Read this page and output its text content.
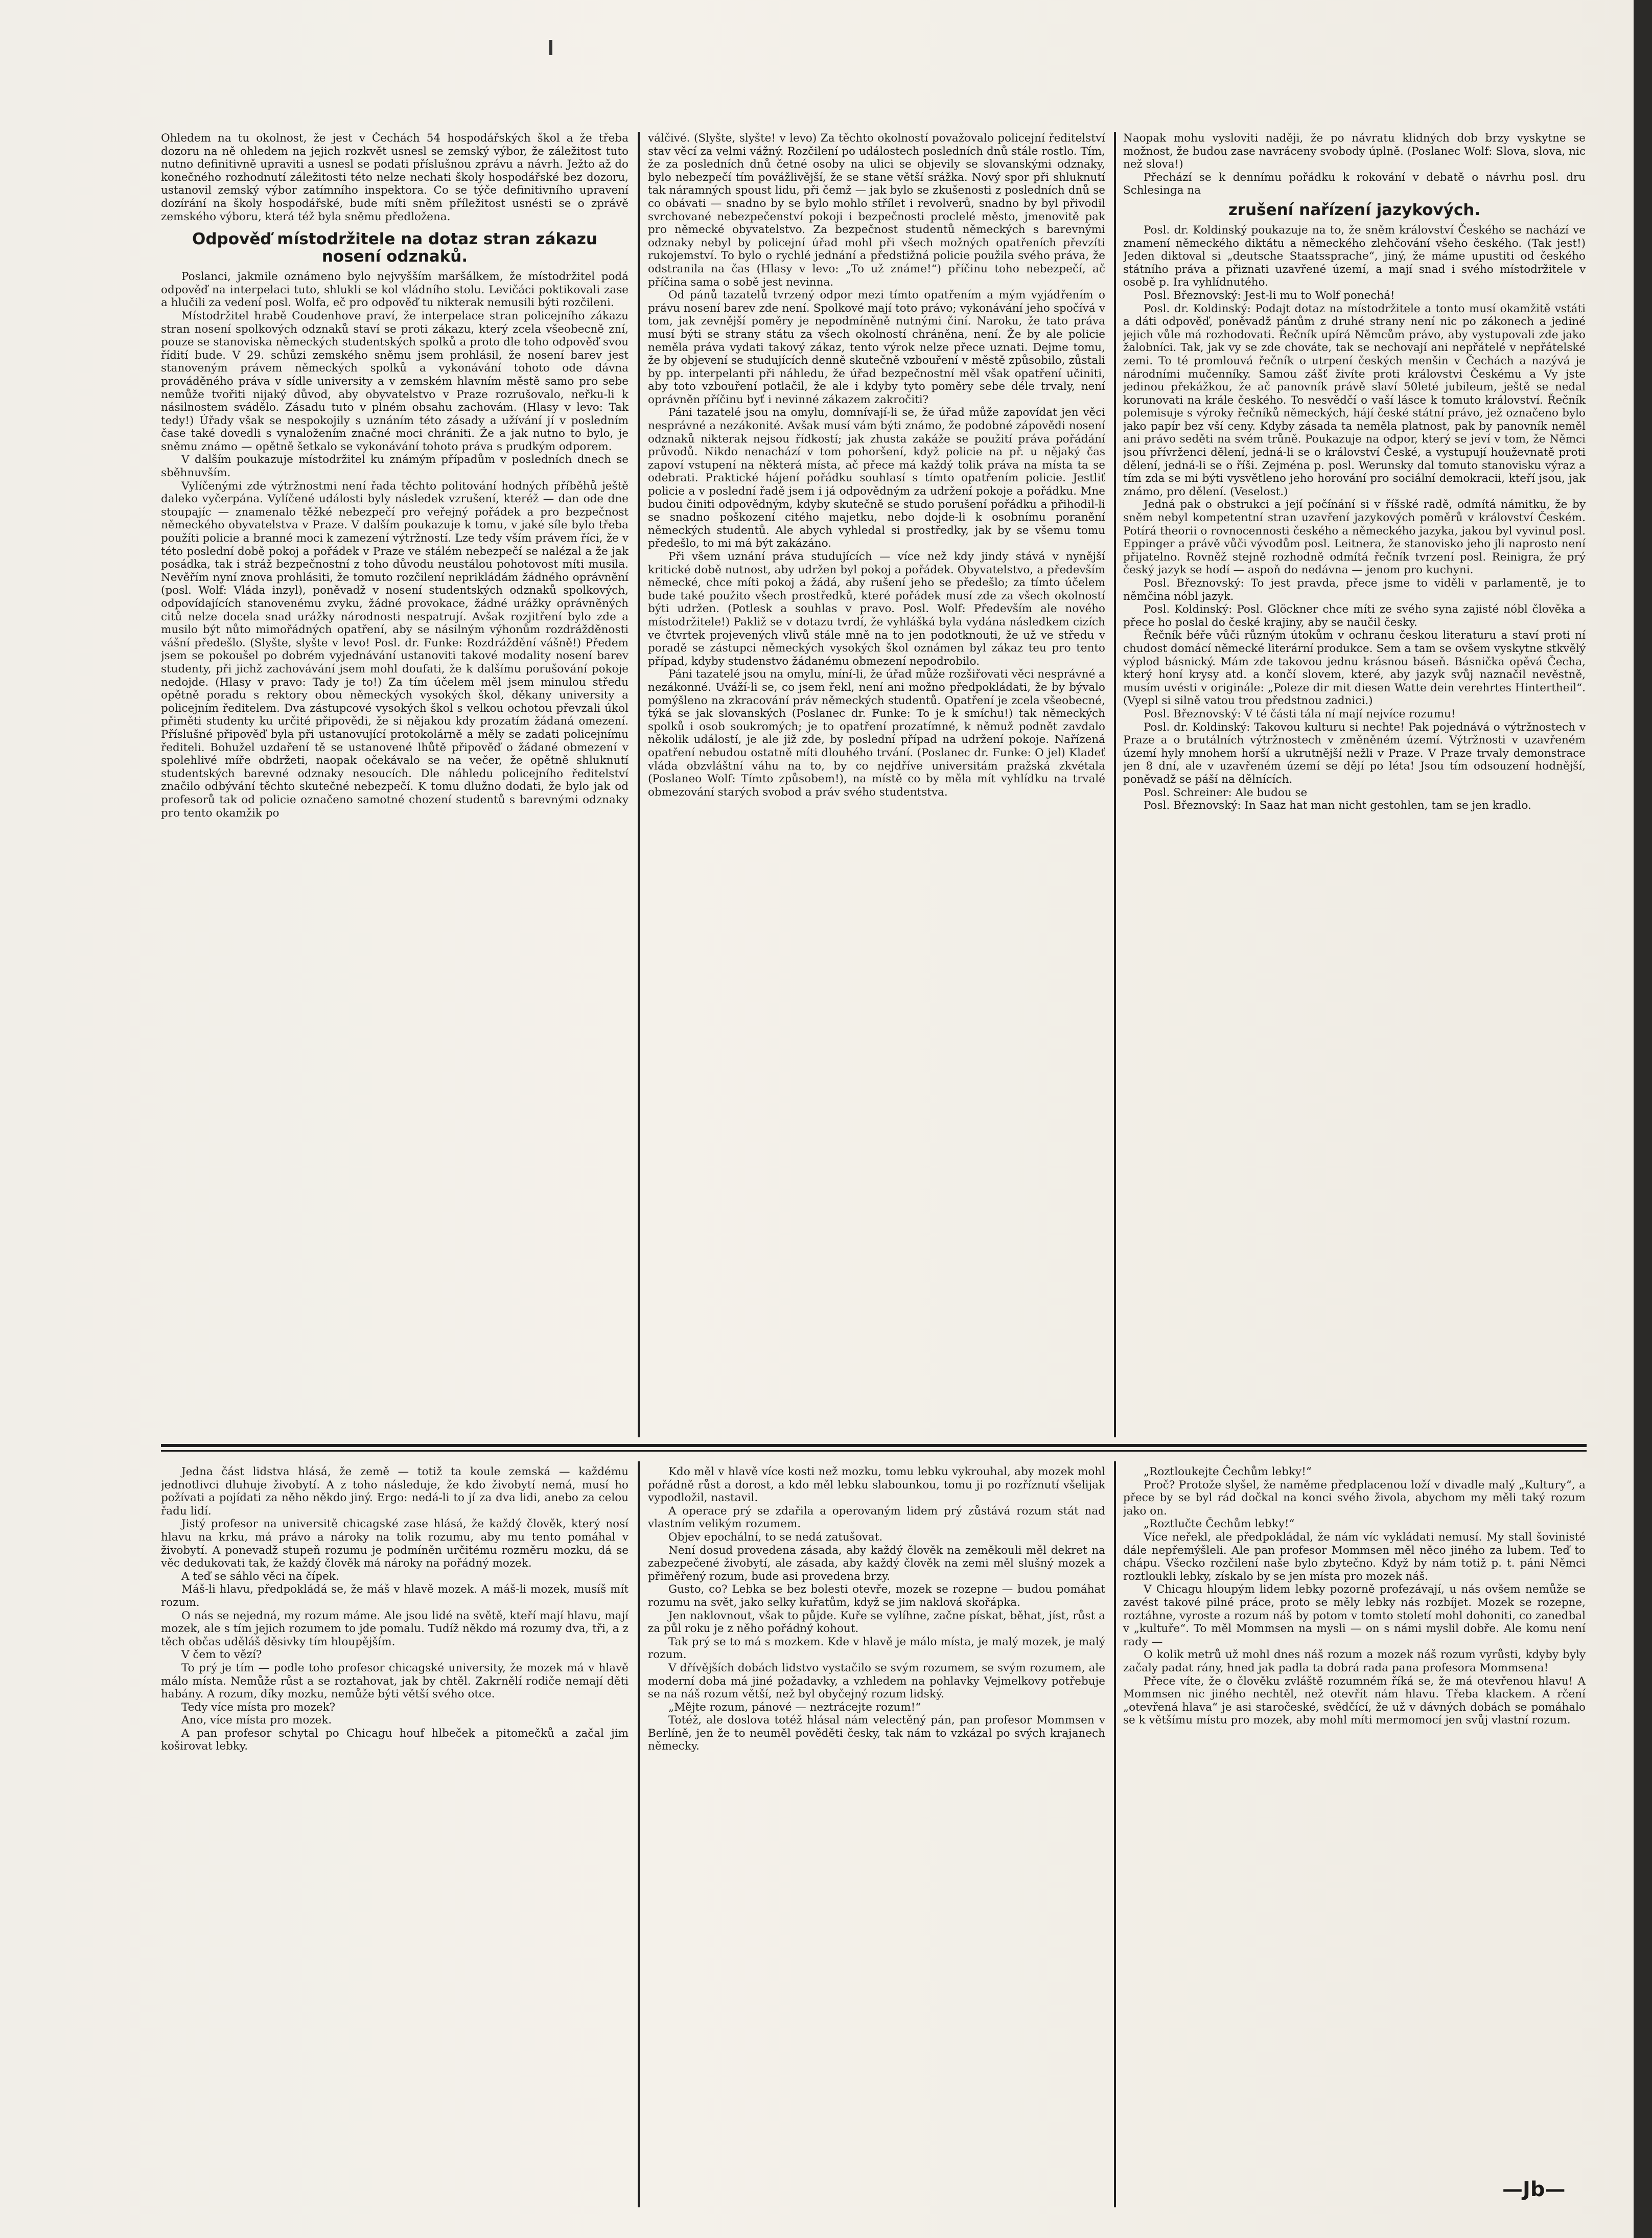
Ohledem na tu okolnost, že jest v Čechách 54 hospodářských škol a že třeba dozoru na ně ohledem na jejich rozkvět usnesl se zemský výbor, že záležitost tuto nutno definitivně upraviti a usnesl se podati příslušnou zprávu a návrh. Ježto až do konečného rozhodnutí záležitosti této nelze nechati školy hospodářské bez dozoru, ustanovil zemský výbor zatímního inspektora. Co se týče definitivního upravení dozírání na školy hospodářské, bude míti sněm příležitost usnésti se o zprávě zemského výboru, která též byla sněmu předložena.

Odpověď místodržitele na dotaz stran zákazu nosení odznaků.

Poslanci, jakmile oznámeno bylo nejvyšším maršálkem, že místodržitel podá odpověď na interpelaci tuto, shlukli se kol vládního stolu. Levičáci poktikovali zase a hlučili za vedení posl. Wolfa, eč pro odpověď tu nikterak nemusili býti rozčileni.

Místodržitel hrabě Coudenhove praví, že interpelace stran policejního zákazu stran nosení spolkových odznaků staví se proti zákazu, který zcela všeobecně zní, pouze se stanoviska německých studentských spolků a proto dle toho odpověď svou řídití bude. V 29. schůzi zemského sněmu jsem prohlásil, že nosení barev jest stanoveným právem německých spolků a vykonávání tohoto ode dávna prováděného práva v sídle university a v zemském hlavním městě samo pro sebe nemůže tvořiti nijaký důvod, aby obyvatelstvo v Praze rozrušovalo, neřku-li k násilnostem svádělo. Zásadu tuto v plném obsahu zachovám. (Hlasy v levo: Tak tedy!) Úřady však se nespokojily s uznáním této zásady a užívání jí v posledním čase také dovedli s vynaložením značné moci chrániti. Že a jak nutno to bylo, je sněmu známo — opětně šetkalo se vykonávání tohoto práva s prudkým odporem.

V dalším poukazuje místodržitel ku známým případům v posledních dnech se sběhnuvším.

Vylíčenými zde výtržnostmi není řada těchto politování hodných příběhů ještě daleko vyčerpána. Vylíčené události byly následek vzrušení, kteréž — dan ode dne stoupajíc — znamenalo těžké nebezpečí pro veřejný pořádek a pro bezpečnost německého obyvatelstva v Praze. V dalším poukazuje k tomu, v jaké síle bylo třeba použíti policie a branné moci k zamezení výtržností. Lze tedy vším právem říci, že v této poslední době pokoj a pořádek v Praze ve stálém nebezpečí se nalézal a že jak posádka, tak i stráž bezpečnostní z toho důvodu neustálou pohotovost míti musila. Nevěřím nyní znova prohlásiti, že tomuto rozčilení neprikládám žádného oprávnění (posl. Wolf: Vláda inzyl), poněvadž v nosení studentských odznaků spolkových, odpovídajících stanovenému zvyku, žádné provokace, žádné urážky oprávněných citů nelze docela snad urážky národnosti nespatrují. Avšak rozjitření bylo zde a musilo být nůto mimořádných opatření, aby se násilným výhonům rozdrážděnosti vášní předešlo. (Slyšte, slyšte v levo! Posl. dr. Funke: Rozdráždění vášně!) Předem jsem se pokoušel po dobrém vyjednávání ustanoviti takové modality nosení barev studenty, při jichž zachovávání jsem mohl doufati, že k dalšímu porušování pokoje nedojde. (Hlasy v pravo: Tady je to!) Za tím účelem měl jsem minulou středu opětně poradu s rektory obou německých vysokých škol, děkany university a policejním ředitelem. Dva zástupcové vysokých škol s velkou ochotou převzali úkol přiměti studenty ku určité připovědi, že si nějakou kdy prozatím žádaná omezení. Příslušné připověď byla při ustanovující protokolárně a měly se zadati policejnímu řediteli. Bohužel uzdaření tě se ustanovené lhůtě připověď o žádané obmezení v spolehlivé míře obdržeti, naopak očekávalo se na večer, že opětně shluknutí studentských barevné odznaky nesoucích. Dle náhledu policejního ředitelství značilo odbývání těchto skutečné nebezpečí. K tomu dlužno dodati, že bylo jak od profesorů tak od policie označeno samotné chození studentů s barevnými odznaky pro tento okamžik po

válčivé. (Slyšte, slyšte! v levo) Za těchto okolností považovalo policejní ředitelství stav věcí za velmi vážný. Rozčilení po událostech posledních dnů stále rostlo. Tím, že za posledních dnů četné osoby na ulici se objevily se slovanskými odznaky, bylo nebezpečí tím povážlivější, že se stane větší srážka. Nový spor při shluknutí tak náramných spoust lidu, při čemž — jak bylo se zkušenosti z posledních dnů se co obávati — snadno by se bylo mohlo střílet i revolverů, snadno by byl přivodil svrchované nebezpečenství pokoji i bezpečnosti proclelé město, jmenovitě pak pro německé obyvatelstvo. Za bezpečnost studentů německých s barevnými odznaky nebyl by policejní úřad mohl při všech možných opatřeních převzíti rukojemství. To bylo o rychlé jednání a předstižná policie použila svého práva, že odstranila na čas (Hlasy v levo: „To už známe!“) příčinu toho nebezpečí, ač příčina sama o sobě jest nevinna.

Od pánů tazatelů tvrzený odpor mezi tímto opatřením a mým vyjádřením o právu nosení barev zde není. Spolkové mají toto právo; vykonávání jeho spočívá v tom, jak zevnější poměry je nepodmíněně nutnými činí. Naroku, že tato práva musí býti se strany státu za všech okolností chráněna, není. Že by ale policie neměla práva vydati takový zákaz, tento výrok nelze přece uznati. Dejme tomu, že by objevení se studujících denně skutečně vzbouření v městě způsobilo, zůstali by pp. interpelanti při náhledu, že úřad bezpečnostní měl však opatření učiniti, aby toto vzbouření potlačil, že ale i kdyby tyto poměry sebe déle trvaly, není oprávněn příčinu byť i nevinné zákazem zakročiti?

Páni tazatelé jsou na omylu, domnívají-li se, že úřad může zapovídat jen věci nesprávné a nezákonité. Avšak musí vám býti známo, že podobné zápovědi nosení odznaků nikterak nejsou řídkostí; jak zhusta zakáže se použití práva pořádání průvodů. Nikdo nenachází v tom pohoršení, když policie na př. u nějaký čas zapoví vstupení na některá místa, ač přece má každý tolik práva na místa ta se odebrati. Praktické hájení pořádku souhlasí s tímto opatřením policie. Jestliť policie a v poslední řadě jsem i já odpovědným za udržení pokoje a pořádku. Mne budou činiti odpovědným, kdyby skutečně se studo porušení pořádku a přihodil-li se snadno poškození citého majetku, nebo dojde-li k osobnímu poranění německých studentů. Ale abych vyhledal si prostředky, jak by se všemu tomu předešlo, to mi má být zakázáno.

Při všem uznání práva studujících — více než kdy jindy stává v nynější kritické době nutnost, aby udržen byl pokoj a pořádek. Obyvatelstvo, a především německé, chce míti pokoj a žádá, aby rušení jeho se předešlo; za tímto účelem bude také použito všech prostředků, které pořádek musí zde za všech okolností býti udržen. (Potlesk a souhlas v pravo. Posl. Wolf: Především ale nového místodržitele!) Pakliž se v dotazu tvrdí, že vyhlášká byla vydána následkem cizích ve čtvrtek projevených vlivů stále mně na to jen podotknouti, že už ve středu v poradě se zástupci německých vysokých škol oznámen byl zákaz teu pro tento případ, kdyby studenstvo žádanému obmezení nepodrobilo.

Páni tazatelé jsou na omylu, míní-li, že úřad může rozšiřovati věci nesprávné a nezákonné. Uváží-li se, co jsem řekl, není ani možno předpokládati, že by bývalo pomýšleno na zkracování práv německých studentů. Opatření je zcela všeobecné, týká se jak slovanských (Poslanec dr. Funke: To je k smíchu!) tak německých spolků i osob soukromých; je to opatření prozatímné, k němuž podnět zavdalo několik událostí, je ale již zde, by poslední případ na udržení pokoje. Nařízená opatření nebudou ostatně míti dlouhého trvání. (Poslanec dr. Funke: O jel) Kladeť vláda obzvláštní váhu na to, by co nejdříve universitám pražská zkvétala (Poslaneo Wolf: Tímto způsobem!), na místě co by měla mít vyhlídku na trvalé obmezování starých svobod a práv svého studentstva.

Naopak mohu vysloviti naději, že po návratu klidných dob brzy vyskytne se možnost, že budou zase navráceny svobody úplně. (Poslanec Wolf: Slova, slova, nic než slova!)

Přechází se k dennímu pořádku k rokování v debatě o návrhu posl. dru Schlesinga na

zrušení nařízení jazykových.

Posl. dr. Koldinský poukazuje na to, že sněm království Českého se nachází ve znamení německého diktátu a německého zlehčování všeho českého. (Tak jest!) Jeden diktoval si „deutsche Staatssprache“, jiný, že máme upustiti od českého státního práva a přiznati uzavřené území, a mají snad i svého místodržitele v osobě p. Ira vyhlídnutého.

Posl. Březnovský: Jest-li mu to Wolf ponechá!

Posl. dr. Koldinský: Podajt dotaz na místodržitele a tonto musí okamžitě vstáti a dáti odpověď, poněvadž pánům z druhé strany není nic po zákonech a jediné jejich vůle má rozhodovati. Řečník upírá Němcům právo, aby vystupovali zde jako žalobníci. Tak, jak vy se zde chováte, tak se nechovají ani nepřátelé v nepřátelské zemi. To té promlouvá řečník o utrpení českých menšin v Čechách a nazývá je národními mučenníky. Samou zášť živíte proti královstvi Českému a Vy jste jedinou překážkou, že ač panovník právě slaví 50leté jubileum, ještě se nedal korunovati na krále českého. To nesvědčí o vaší lásce k tomuto království. Řečník polemisuje s výroky řečníků německých, hájí české státní právo, jež označeno bylo jako papír bez vší ceny. Kdyby zásada ta neměla platnost, pak by panovník neměl ani právo seděti na svém trůně. Poukazuje na odpor, který se jeví v tom, že Němci jsou přívrženci dělení, jedná-li se o království České, a vystupují houževnatě proti dělení, jedná-li se o říši. Zejména p. posl. Werunsky dal tomuto stanovisku výraz a tím zda se mi býti vysvětleno jeho horování pro sociální demokracii, kteří jsou, jak známo, pro dělení. (Veselost.)

Jedná pak o obstrukci a její počínání si v říšské radě, odmítá námitku, že by sněm nebyl kompetentní stran uzavření jazykových poměrů v království Českém. Potírá theorii o rovnocennosti českého a německého jazyka, jakou byl vyvinul posl. Eppinger a právě vůči vývodům posl. Leitnera, že stanovisko jeho jli naprosto není přijatelno. Rovněž stejně rozhodně odmítá řečník tvrzení posl. Reinigra, že prý český jazyk se hodí — aspoň do nedávna — jenom pro kuchyni.

Posl. Březnovský: To jest pravda, přece jsme to viděli v parlamentě, je to němčina nóbl jazyk.

Posl. Koldinský: Posl. Glöckner chce míti ze svého syna zajisté nóbl člověka a přece ho poslal do české krajiny, aby se naučil česky.

Řečník béře vůči různým útokům v ochranu českou literaturu a staví proti ní chudost domácí německé literární produkce. Sem a tam se ovšem vyskytne stkvělý výplod básnický. Mám zde takovou jednu krásnou báseň. Básnička opěvá Čecha, který honí krysy atd. a končí slovem, které, aby jazyk svůj naznačil nevěstně, musím uvésti v originále: „Poleze dir mit diesen Watte dein verehrtes Hintertheil“. (Vyepl si silně vatou trou předstnou zadnici.)

Posl. Březnovský: V té části tála ní mají nejvíce rozumu!

Posl. dr. Koldinský: Takovou kulturu si nechte! Pak pojednává o výtržnostech v Praze a o brutálních výtržnostech v změněném území. Výtržnosti v uzavřeném území hyly mnohem horší a ukrutnější nežli v Praze. V Praze trvaly demonstrace jen 8 dní, ale v uzavřeném území se dějí po léta! Jsou tím odsouzení hodnější, poněvadž se páší na dělnících.

Posl. Schreiner: Ale budou se

Posl. Březnovský: In Saaz hat man nicht gestohlen, tam se jen kradlo.

Jedna část lidstva hlásá, že země — totiž ta koule zemská — každému jednotlivci dluhuje živobytí. A z toho následuje, že kdo živobytí nemá, musí ho požívati a pojídati za něho někdo jiný. Ergo: nedá-li to jí za dva lidi, anebo za celou řadu lidí.

Jistý profesor na universitě chicagské zase hlásá, že každý člověk, který nosí hlavu na krku, má právo a nároky na tolik rozumu, aby mu tento pomáhal v živobytí. A ponevadž stupeň rozumu je podmíněn určitému rozměru mozku, dá se věc dedukovati tak, že každý člověk má nároky na pořádný mozek.

A teď se sáhlo věci na čípek.

Máš-li hlavu, předpokládá se, že máš v hlavě mozek. A máš-li mozek, musíš mít rozum.

O nás se nejedná, my rozum máme. Ale jsou lidé na světě, kteří mají hlavu, mají mozek, ale s tím jejich rozumem to jde pomalu. Tudíž někdo má rozumy dva, tři, a z těch občas uděláš děsivky tím hloupějším.

V čem to vězí?

To prý je tím — podle toho profesor chicagské university, že mozek má v hlavě málo místa. Nemůže růst a se roztahovat, jak by chtěl. Zakrnělí rodiče nemají děti habány. A rozum, díky mozku, nemůže býti větší svého otce.

Tedy více místa pro mozek?

Ano, více místa pro mozek.

A pan profesor schytal po Chicagu houf hlbeček a pitomečků a začal jim koširovat lebky.

Kdo měl v hlavě více kosti než mozku, tomu lebku vykrouhal, aby mozek mohl pořádně růst a dorost, a kdo měl lebku slabounkou, tomu ji po rozříznutí všelijak vypodložil, nastavil.

A operace prý se zdařila a operovaným lidem prý zůstává rozum stát nad vlastním velikým rozumem.

Objev epochální, to se nedá zatušovat.

Není dosud provedena zásada, aby každý člověk na zeměkouli měl dekret na zabezpečené živobytí, ale zásada, aby každý člověk na zemi měl slušný mozek a přiměřený rozum, bude asi provedena brzy.

Gusto, co? Lebka se bez bolesti otevře, mozek se rozepne — budou pomáhat rozumu na svět, jako selky kuřatům, když se jim naklová skořápka.

Jen naklovnout, však to půjde. Kuře se vylíhne, začne pískat, běhat, jíst, růst a za půl roku je z něho pořádný kohout.

Tak prý se to má s mozkem. Kde v hlavě je málo místa, je malý mozek, je malý rozum.

V dřívějších dobách lidstvo vystačilo se svým rozumem, se svým rozumem, ale moderní doba má jiné požadavky, a vzhledem na pohlavky Vejmelkovy potřebuje se na náš rozum větší, než byl obyčejný rozum lidský.

„Mějte rozum, pánové — neztrácejte rozum!“

Totéž, ale doslova totéž hlásal nám velectěný pán, pan profesor Mommsen v Berlíně, jen že to neuměl pověděti česky, tak nám to vzkázal po svých krajanech německy.

„Roztloukejte Čechům lebky!“

Proč? Protože slyšel, že naměme předplacenou loží v divadle malý „Kultury“, a přece by se byl rád dočkal na konci svého živola, abychom my měli taký rozum jako on.

„Roztlučte Čechům lebky!“

Více neřekl, ale předpokládal, že nám víc vykládati nemusí. My stall šovinisté dále nepřemýšleli. Ale pan profesor Mommsen měl něco jiného za lubem. Teď to chápu. Všecko rozčilení naše bylo zbytečno. Když by nám totiž p. t. páni Němci roztloukli lebky, získalo by se jen místa pro mozek náš.

V Chicagu hloupým lidem lebky pozorně profezávají, u nás ovšem nemůže se zavést takové pilné práce, proto se měly lebky nás rozbíjet. Mozek se rozepne, roztáhne, vyroste a rozum náš by potom v tomto století mohl dohoniti, co zanedbal v „kultuře“. To měl Mommsen na mysli — on s námi myslil dobře. Ale komu není rady —

O kolik metrů už mohl dnes náš rozum a mozek náš rozum vyrůsti, kdyby byly začaly padat rány, hned jak padla ta dobrá rada pana profesora Mommsena!

Přece víte, že o člověku zvláště rozumném říká se, že má otevřenou hlavu! A Mommsen nic jiného nechtěl, než otevřít nám hlavu. Třeba klackem. A rčení „otevřená hlava“ je asi staročeské, svědčící, že už v dávných dobách se pomáhalo se k většímu místu pro mozek, aby mohl míti mermomocí jen svůj vlastní rozum.

—Jb—
